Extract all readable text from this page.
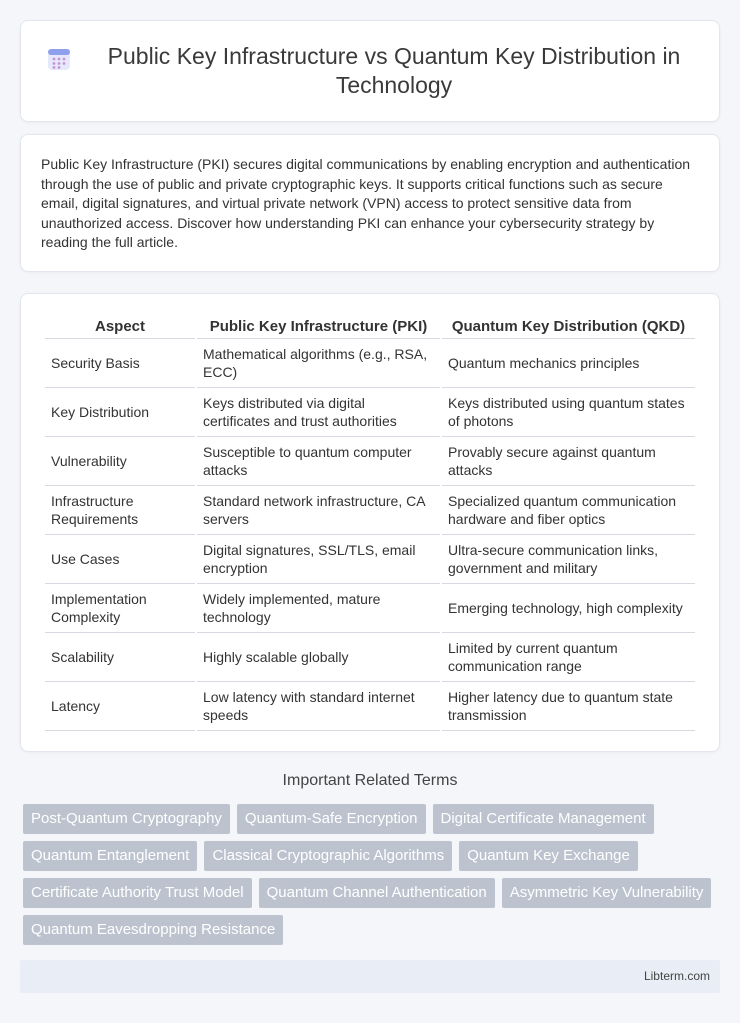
Public Key Infrastructure vs Quantum Key Distribution in Technology

Public Key Infrastructure (PKI) secures digital communications by enabling encryption and authentication through the use of public and private cryptographic keys. It supports critical functions such as secure email, digital signatures, and virtual private network (VPN) access to protect sensitive data from unauthorized access. Discover how understanding PKI can enhance your cybersecurity strategy by reading the full article.

Aspect	Public Key Infrastructure (PKI)	Quantum Key Distribution (QKD)
Security Basis	Mathematical algorithms (e.g., RSA, ECC)	Quantum mechanics principles
Key Distribution	Keys distributed via digital certificates and trust authorities	Keys distributed using quantum states of photons
Vulnerability	Susceptible to quantum computer attacks	Provably secure against quantum attacks
Infrastructure Requirements	Standard network infrastructure, CA servers	Specialized quantum communication hardware and fiber optics
Use Cases	Digital signatures, SSL/TLS, email encryption	Ultra-secure communication links, government and military
Implementation Complexity	Widely implemented, mature technology	Emerging technology, high complexity
Scalability	Highly scalable globally	Limited by current quantum communication range
Latency	Low latency with standard internet speeds	Higher latency due to quantum state transmission
Important Related Terms
Post-Quantum Cryptography	Quantum-Safe Encryption	Digital Certificate Management
Quantum Entanglement	Classical Cryptographic Algorithms	Quantum Key Exchange
Certificate Authority Trust Model	Quantum Channel Authentication	Asymmetric Key Vulnerability
Quantum Eavesdropping Resistance
Libterm.com
